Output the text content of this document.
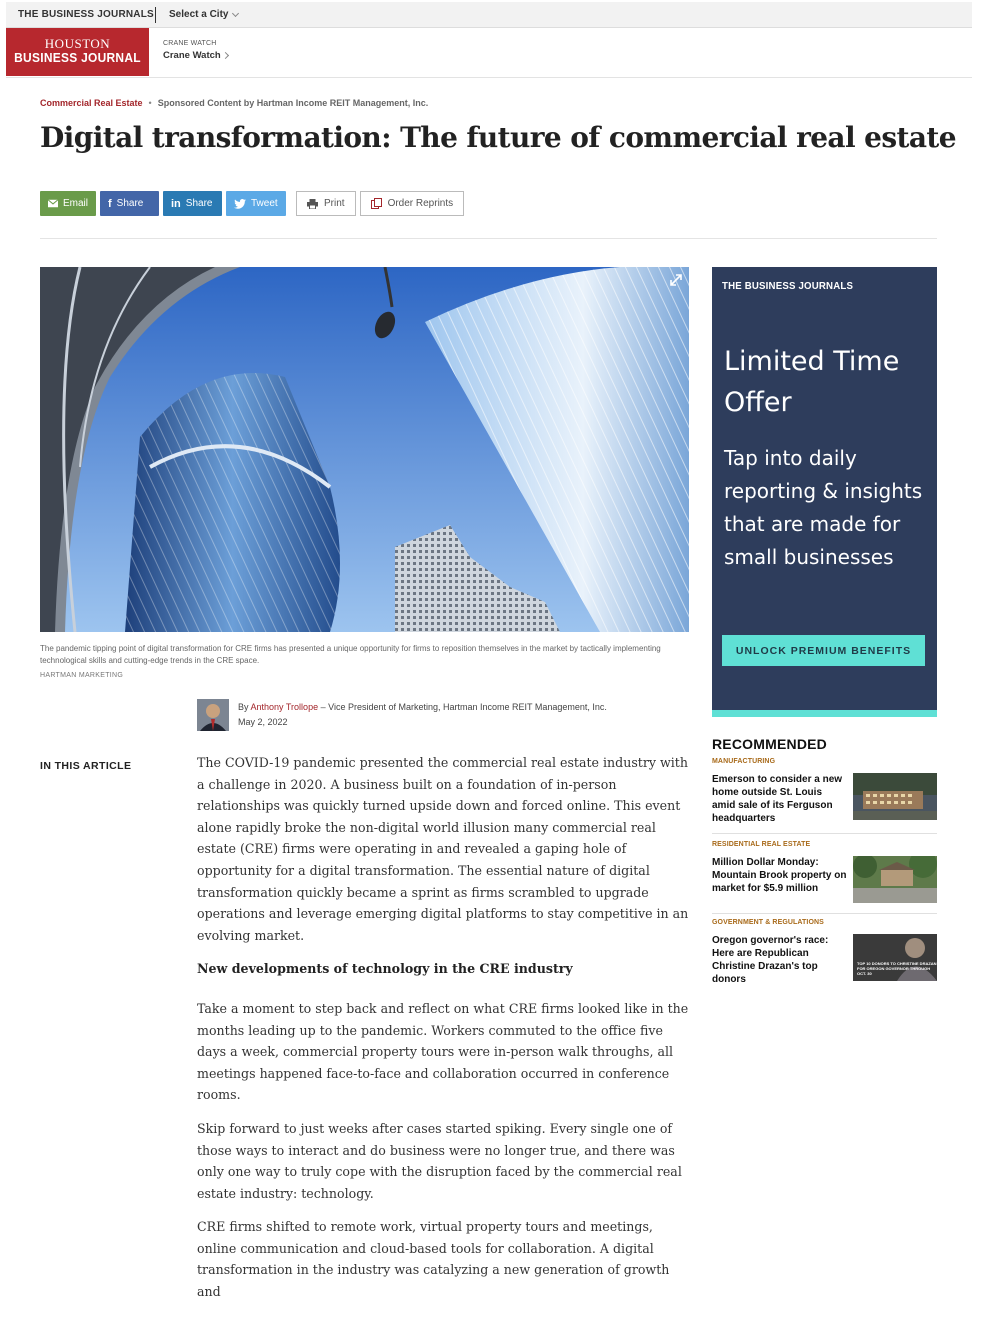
THE BUSINESS JOURNALS Select a City
HOUSTON
BUSINESS JOURNAL
CRANE WATCH
Crane Watch
Commercial Real Estate • Sponsored Content by Hartman Income REIT Management, Inc.
Digital transformation: The future of commercial real estate
Email f Share	in Share	Tweet	Print	Order Reprints
The pandemic tipping point of digital transformation for CRE firms has presented a unique opportunity for firms to reposition themselves in the market by tactically implementing technological skills and cutting-edge trends in the CRE space.
HARTMAN MARKETING
By Anthony Trollope – Vice President of Marketing, Hartman Income REIT Management, Inc.
May 2, 2022
IN THIS ARTICLE	The COVID-19 pandemic presented the commercial real estate industry with a challenge in 2020. A business built on a foundation of in-person relationships was quickly turned upside down and forced online. This event alone rapidly broke the non-digital world illusion many commercial real estate (CRE) firms were operating in and revealed a gaping hole of opportunity for a digital transformation. The essential nature of digital transformation quickly became a sprint as firms scrambled to upgrade operations and leverage emerging digital platforms to stay competitive in an evolving market.

New developments of technology in the CRE industry

Take a moment to step back and reflect on what CRE firms looked like in the months leading up to the pandemic. Workers commuted to the office five days a week, commercial property tours were in-person walk throughs, all meetings happened face-to-face and collaboration occurred in conference rooms.

Skip forward to just weeks after cases started spiking. Every single one of those ways to interact and do business were no longer true, and there was only one way to truly cope with the disruption faced by the commercial real estate industry: technology.

CRE firms shifted to remote work, virtual property tours and meetings, online communication and cloud-based tools for collaboration. A digital transformation in the industry was catalyzing a new generation of growth and

THE BUSINESS JOURNALS
Limited Time Offer
Tap into daily reporting & insights that are made for small businesses
UNLOCK PREMIUM BENEFITS
RECOMMENDED
MANUFACTURING
Emerson to consider a new home outside St. Louis amid sale of its Ferguson headquarters
RESIDENTIAL REAL ESTATE
Million Dollar Monday: Mountain Brook property on market for $5.9 million
GOVERNMENT & REGULATIONS
Oregon governor's race: Here are Republican Christine Drazan's top donors
TOP 10 DONORS TO CHRISTINE DRAZAN FOR OREGON GOVERNOR THROUGH OCT. 30
